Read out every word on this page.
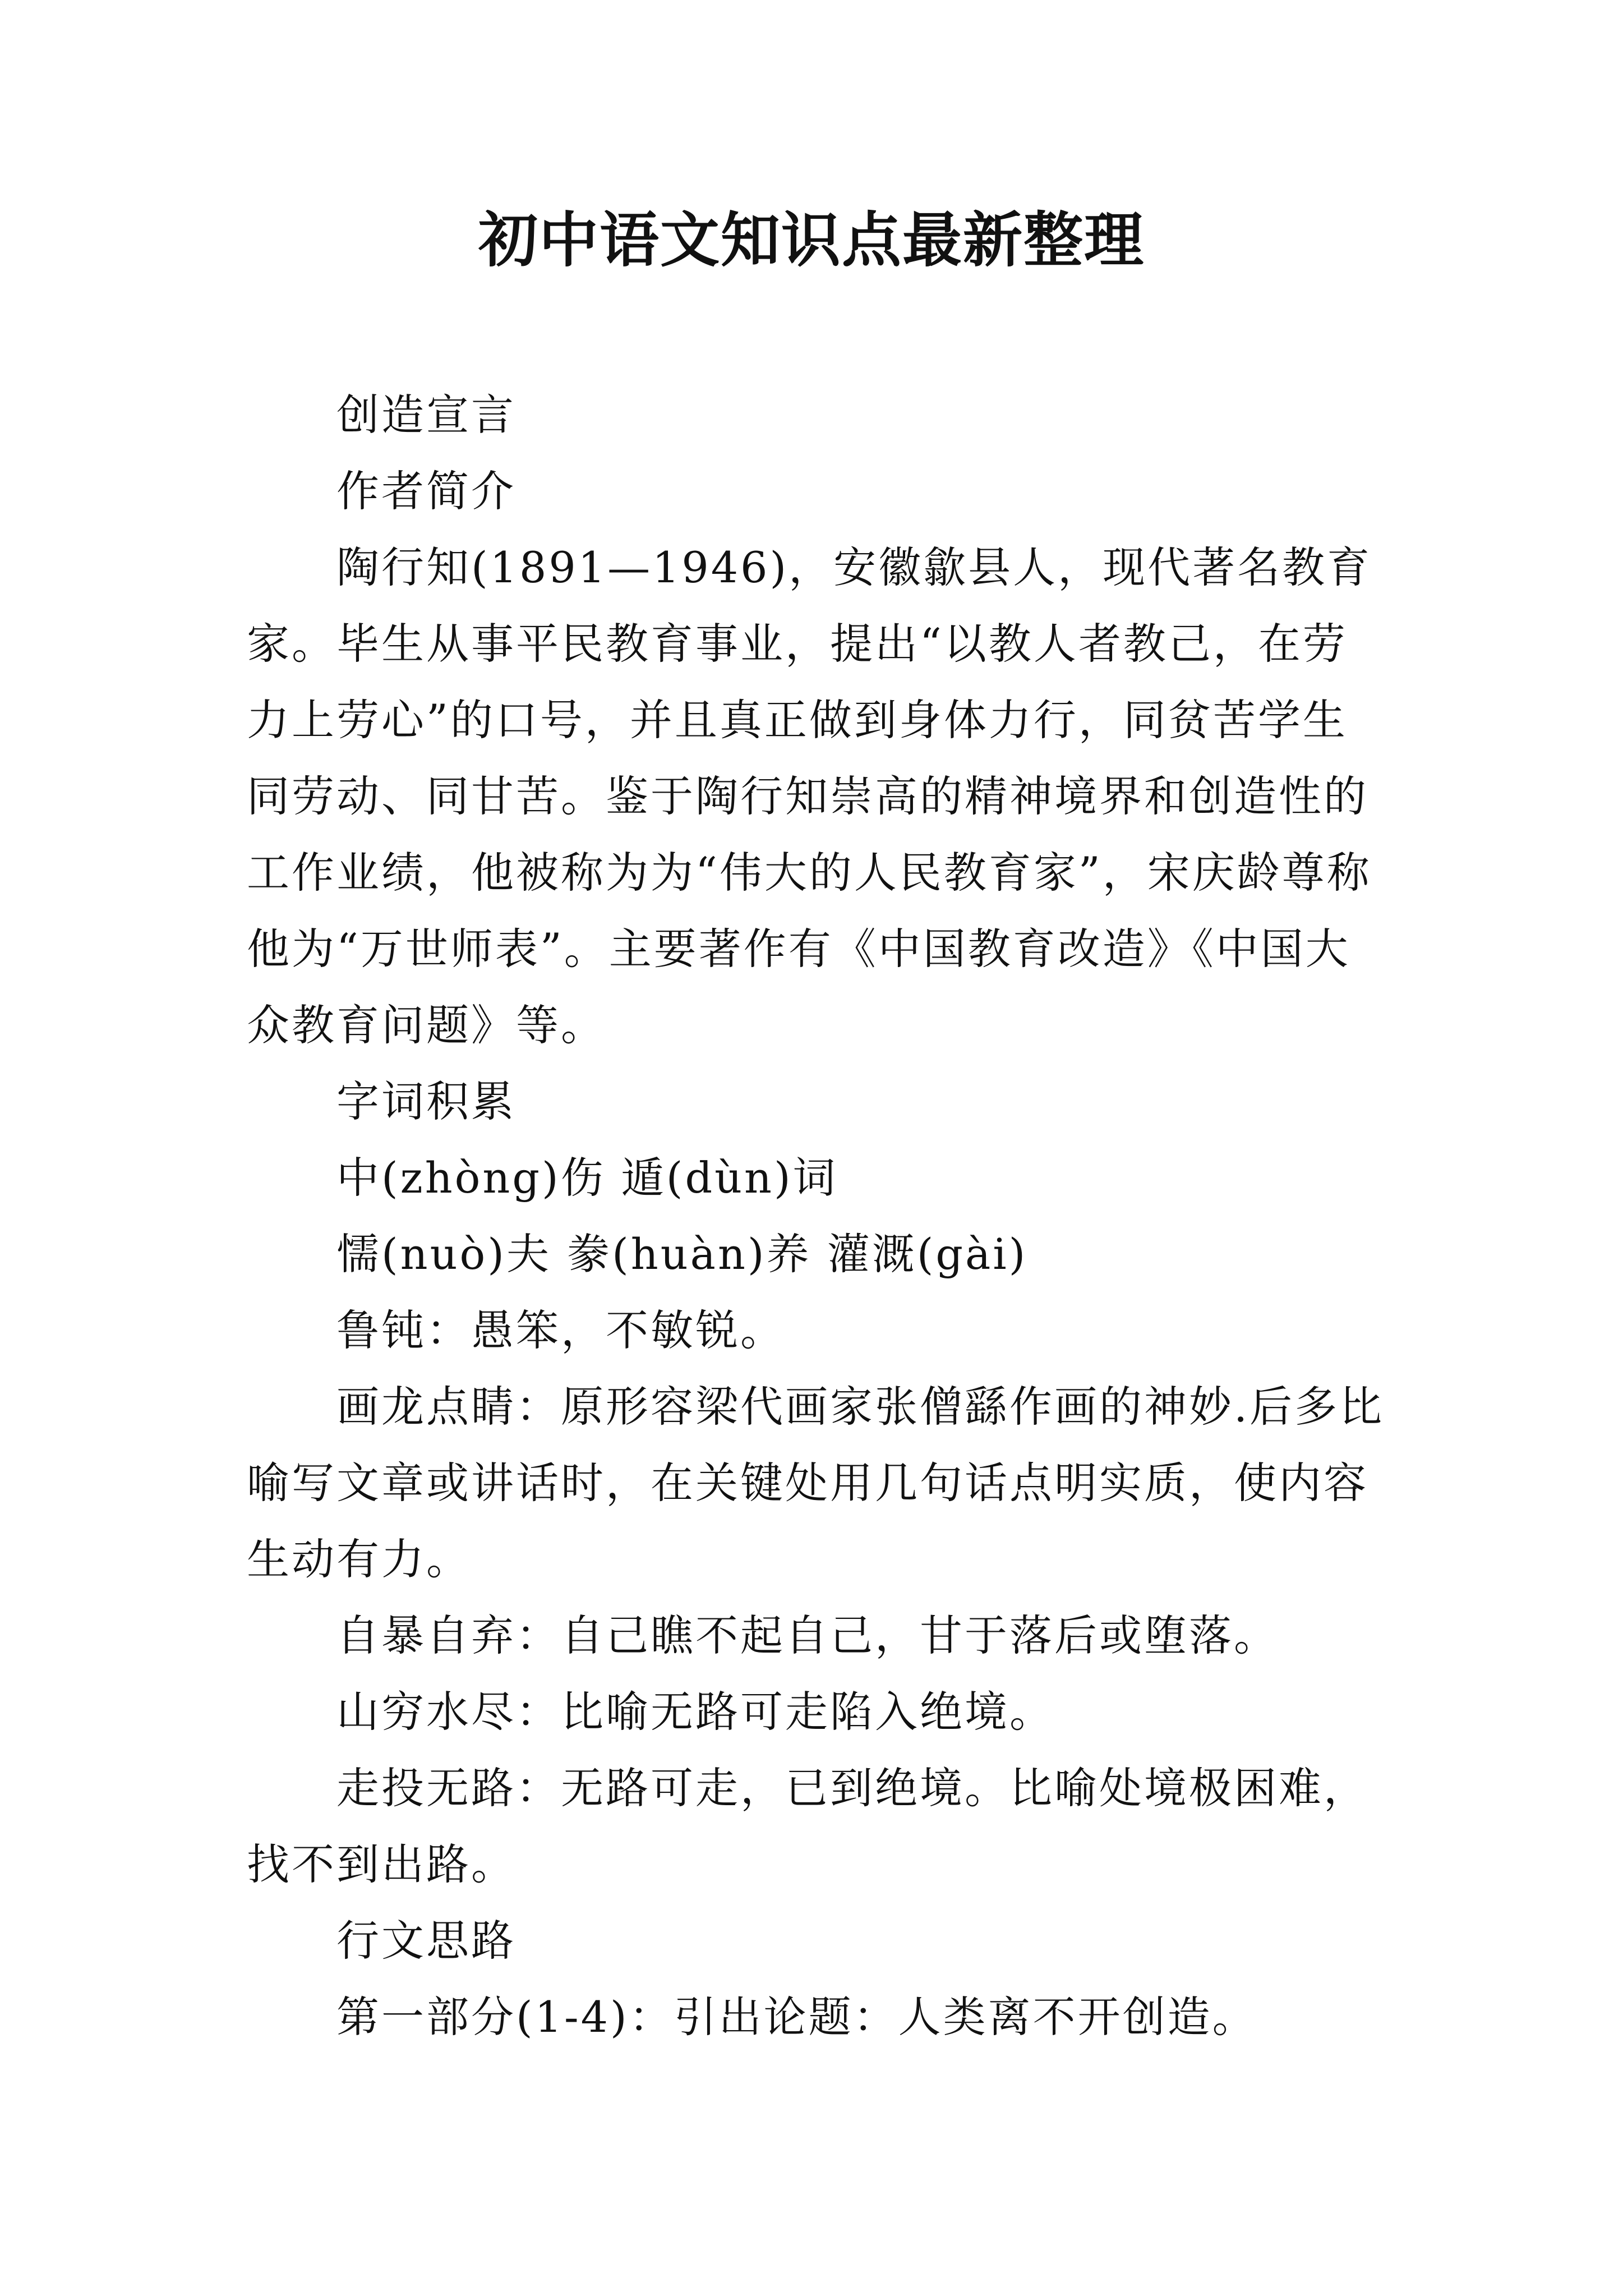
初中语文知识点最新整理

创造宣言

作者简介

陶行知(1891—1946)，安徽歙县人，现代著名教育家。毕生从事平民教育事业，提出“以教人者教己，在劳力上劳心”的口号，并且真正做到身体力行，同贫苦学生同劳动、同甘苦。鉴于陶行知崇高的精神境界和创造性的工作业绩，他被称为为“伟大的人民教育家”，宋庆龄尊称他为“万世师表”。主要著作有《中国教育改造》《中国大众教育问题》等。

字词积累

中(zhòng)伤 遁(dùn)词

懦(nuò)夫 豢(huàn)养 灌溉(gài)

鲁钝：愚笨，不敏锐。

画龙点睛：原形容梁代画家张僧繇作画的神妙.后多比喻写文章或讲话时，在关键处用几句话点明实质，使内容生动有力。

自暴自弃：自己瞧不起自己，甘于落后或堕落。

山穷水尽：比喻无路可走陷入绝境。

走投无路：无路可走，已到绝境。比喻处境极困难，找不到出路。

行文思路

第一部分(1-4)：引出论题：人类离不开创造。
